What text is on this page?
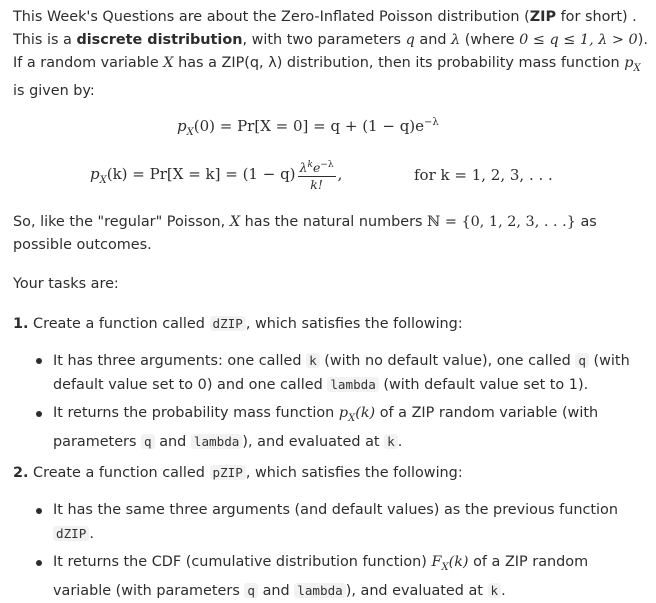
This Week's Questions are about the Zero-Inflated Poisson distribution (ZIP for short) .
This is a discrete distribution, with two parameters q and λ (where 0 ≤ q ≤ 1, λ > 0).
If a random variable X has a ZIP(q, λ) distribution, then its probability mass function $p_X$
is given by:

$p_X(0) = Pr[X = 0] = q + (1 - q)e^{-\lambda}$
$p_X(k) = Pr[X = k] = (1 - q) \frac{\lambda^ke^{-\lambda}}{k!}$ ,	for k = 1, 2, 3, . . .

So, like the "regular" Poisson, X has the natural numbers ℕ = {0, 1, 2, 3, . . .} as
possible outcomes.

Your tasks are:

1. Create a function called dZIP , which satisfies the following:

It has three arguments: one called k (with no default value), one called q (with
default value set to 0) and one called lambda (with default value set to 1).
It returns the probability mass function $p_X(k)$ of a ZIP random variable (with
parameters q and lambda ), and evaluated at k .

2. Create a function called pZIP , which satisfies the following:

It has the same three arguments (and default values) as the previous function
dZIP .
It returns the CDF (cumulative distribution function) $F_X(k)$ of a ZIP random
variable (with parameters q and lambda ), and evaluated at k .
